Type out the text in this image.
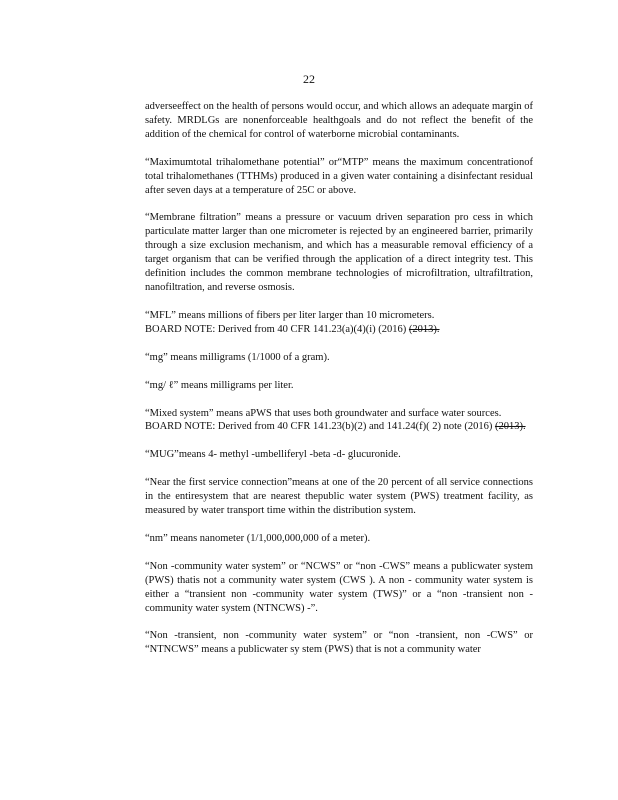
22

adverseeffect on the health of persons would occur, and which allows an adequate margin of safety. MRDLGs are nonenforceable healthgoals and do not reflect the benefit of the addition of the chemical for control of waterborne microbial contaminants.

“Maximumtotal trihalomethane potential” or“MTP” means the maximum concentrationof total trihalomethanes (TTHMs) produced in a given water containing a disinfectant residual after seven days at a temperature of 25C or above.

“Membrane filtration” means a pressure or vacuum driven separation pro cess in which particulate matter larger than one micrometer is rejected by an engineered barrier, primarily through a size exclusion mechanism, and which has a measurable removal efficiency of a target organism that can be verified through the application of a direct integrity test. This definition includes the common membrane technologies of microfiltration, ultrafiltration, nanofiltration, and reverse osmosis.

“MFL” means millions of fibers per liter larger than 10 micrometers.
BOARD NOTE: Derived from 40 CFR 141.23(a)(4)(i) (2016) (2013).

“mg” means milligrams (1/1000 of a gram).

“mg/ ℓ” means milligrams per liter.

“Mixed system” means aPWS that uses both groundwater and surface water sources.
BOARD NOTE: Derived from 40 CFR 141.23(b)(2) and 141.24(f)( 2) note (2016) (2013).

“MUG”means 4- methyl -umbelliferyl -beta -d- glucuronide.

“Near the first service connection”means at one of the 20 percent of all service connections in the entiresystem that are nearest thepublic water system (PWS) treatment facility, as measured by water transport time within the distribution system.

“nm” means nanometer (1/1,000,000,000 of a meter).

“Non -community water system” or “NCWS” or “non -CWS” means a publicwater system (PWS) thatis not a community water system (CWS ). A non - community water system is either a “transient non -community water system (TWS)” or a “non -transient non -community water system (NTNCWS) -”.

“Non -transient, non -community water system” or “non -transient, non -CWS” or “NTNCWS” means a publicwater sy stem (PWS) that is not a community water
